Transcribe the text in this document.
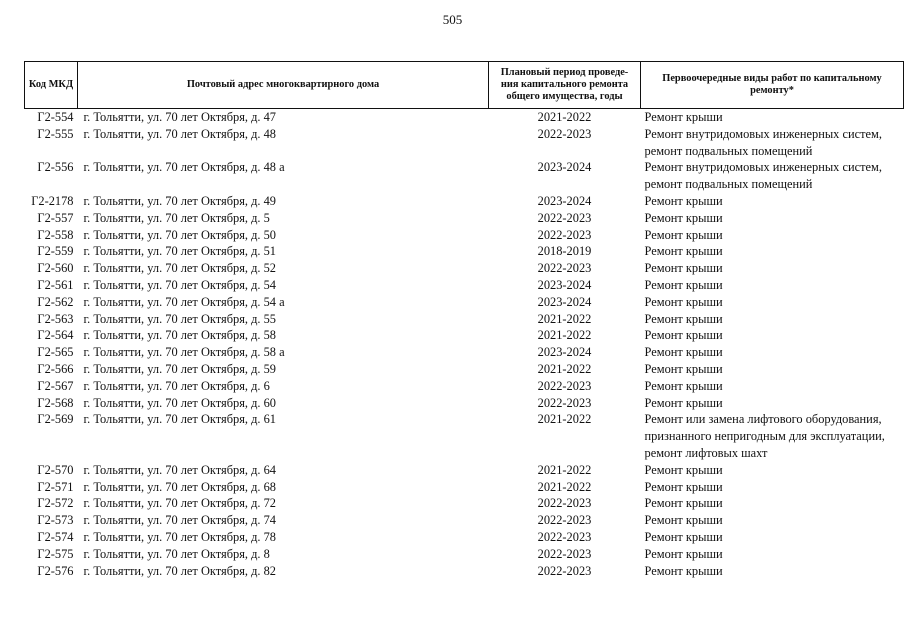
505
Код МКД	Почтовый адрес многоквартирного дома	Плановый период проведе-ния капитального ремонта общего имущества, годы	Первоочередные виды работ по капитальному ремонту*
Г2-554	г. Тольятти, ул. 70 лет Октября, д. 47	2021-2022	Ремонт крыши

Г2-555	г. Тольятти, ул. 70 лет Октября, д. 48	2022-2023	Ремонт внутридомовых инженерных систем,
ремонт подвальных помещений

Г2-556	г. Тольятти, ул. 70 лет Октября, д. 48 а	2023-2024	Ремонт внутридомовых инженерных систем,
ремонт подвальных помещений

Г2-2178	г. Тольятти, ул. 70 лет Октября, д. 49	2023-2024	Ремонт крыши

Г2-557	г. Тольятти, ул. 70 лет Октября, д. 5	2022-2023	Ремонт крыши

Г2-558	г. Тольятти, ул. 70 лет Октября, д. 50	2022-2023	Ремонт крыши

Г2-559	г. Тольятти, ул. 70 лет Октября, д. 51	2018-2019	Ремонт крыши

Г2-560	г. Тольятти, ул. 70 лет Октября, д. 52	2022-2023	Ремонт крыши

Г2-561	г. Тольятти, ул. 70 лет Октября, д. 54	2023-2024	Ремонт крыши

Г2-562	г. Тольятти, ул. 70 лет Октября, д. 54 а	2023-2024	Ремонт крыши

Г2-563	г. Тольятти, ул. 70 лет Октября, д. 55	2021-2022	Ремонт крыши

Г2-564	г. Тольятти, ул. 70 лет Октября, д. 58	2021-2022	Ремонт крыши

Г2-565	г. Тольятти, ул. 70 лет Октября, д. 58 а	2023-2024	Ремонт крыши

Г2-566	г. Тольятти, ул. 70 лет Октября, д. 59	2021-2022	Ремонт крыши

Г2-567	г. Тольятти, ул. 70 лет Октября, д. 6	2022-2023	Ремонт крыши

Г2-568	г. Тольятти, ул. 70 лет Октября, д. 60	2022-2023	Ремонт крыши

Г2-569	г. Тольятти, ул. 70 лет Октября, д. 61	2021-2022	Ремонт или замена лифтового оборудования,
признанного непригодным для эксплуатации,
ремонт лифтовых шахт

Г2-570	г. Тольятти, ул. 70 лет Октября, д. 64	2021-2022	Ремонт крыши

Г2-571	г. Тольятти, ул. 70 лет Октября, д. 68	2021-2022	Ремонт крыши

Г2-572	г. Тольятти, ул. 70 лет Октября, д. 72	2022-2023	Ремонт крыши

Г2-573	г. Тольятти, ул. 70 лет Октября, д. 74	2022-2023	Ремонт крыши

Г2-574	г. Тольятти, ул. 70 лет Октября, д. 78	2022-2023	Ремонт крыши

Г2-575	г. Тольятти, ул. 70 лет Октября, д. 8	2022-2023	Ремонт крыши

Г2-576	г. Тольятти, ул. 70 лет Октября, д. 82	2022-2023	Ремонт крыши
